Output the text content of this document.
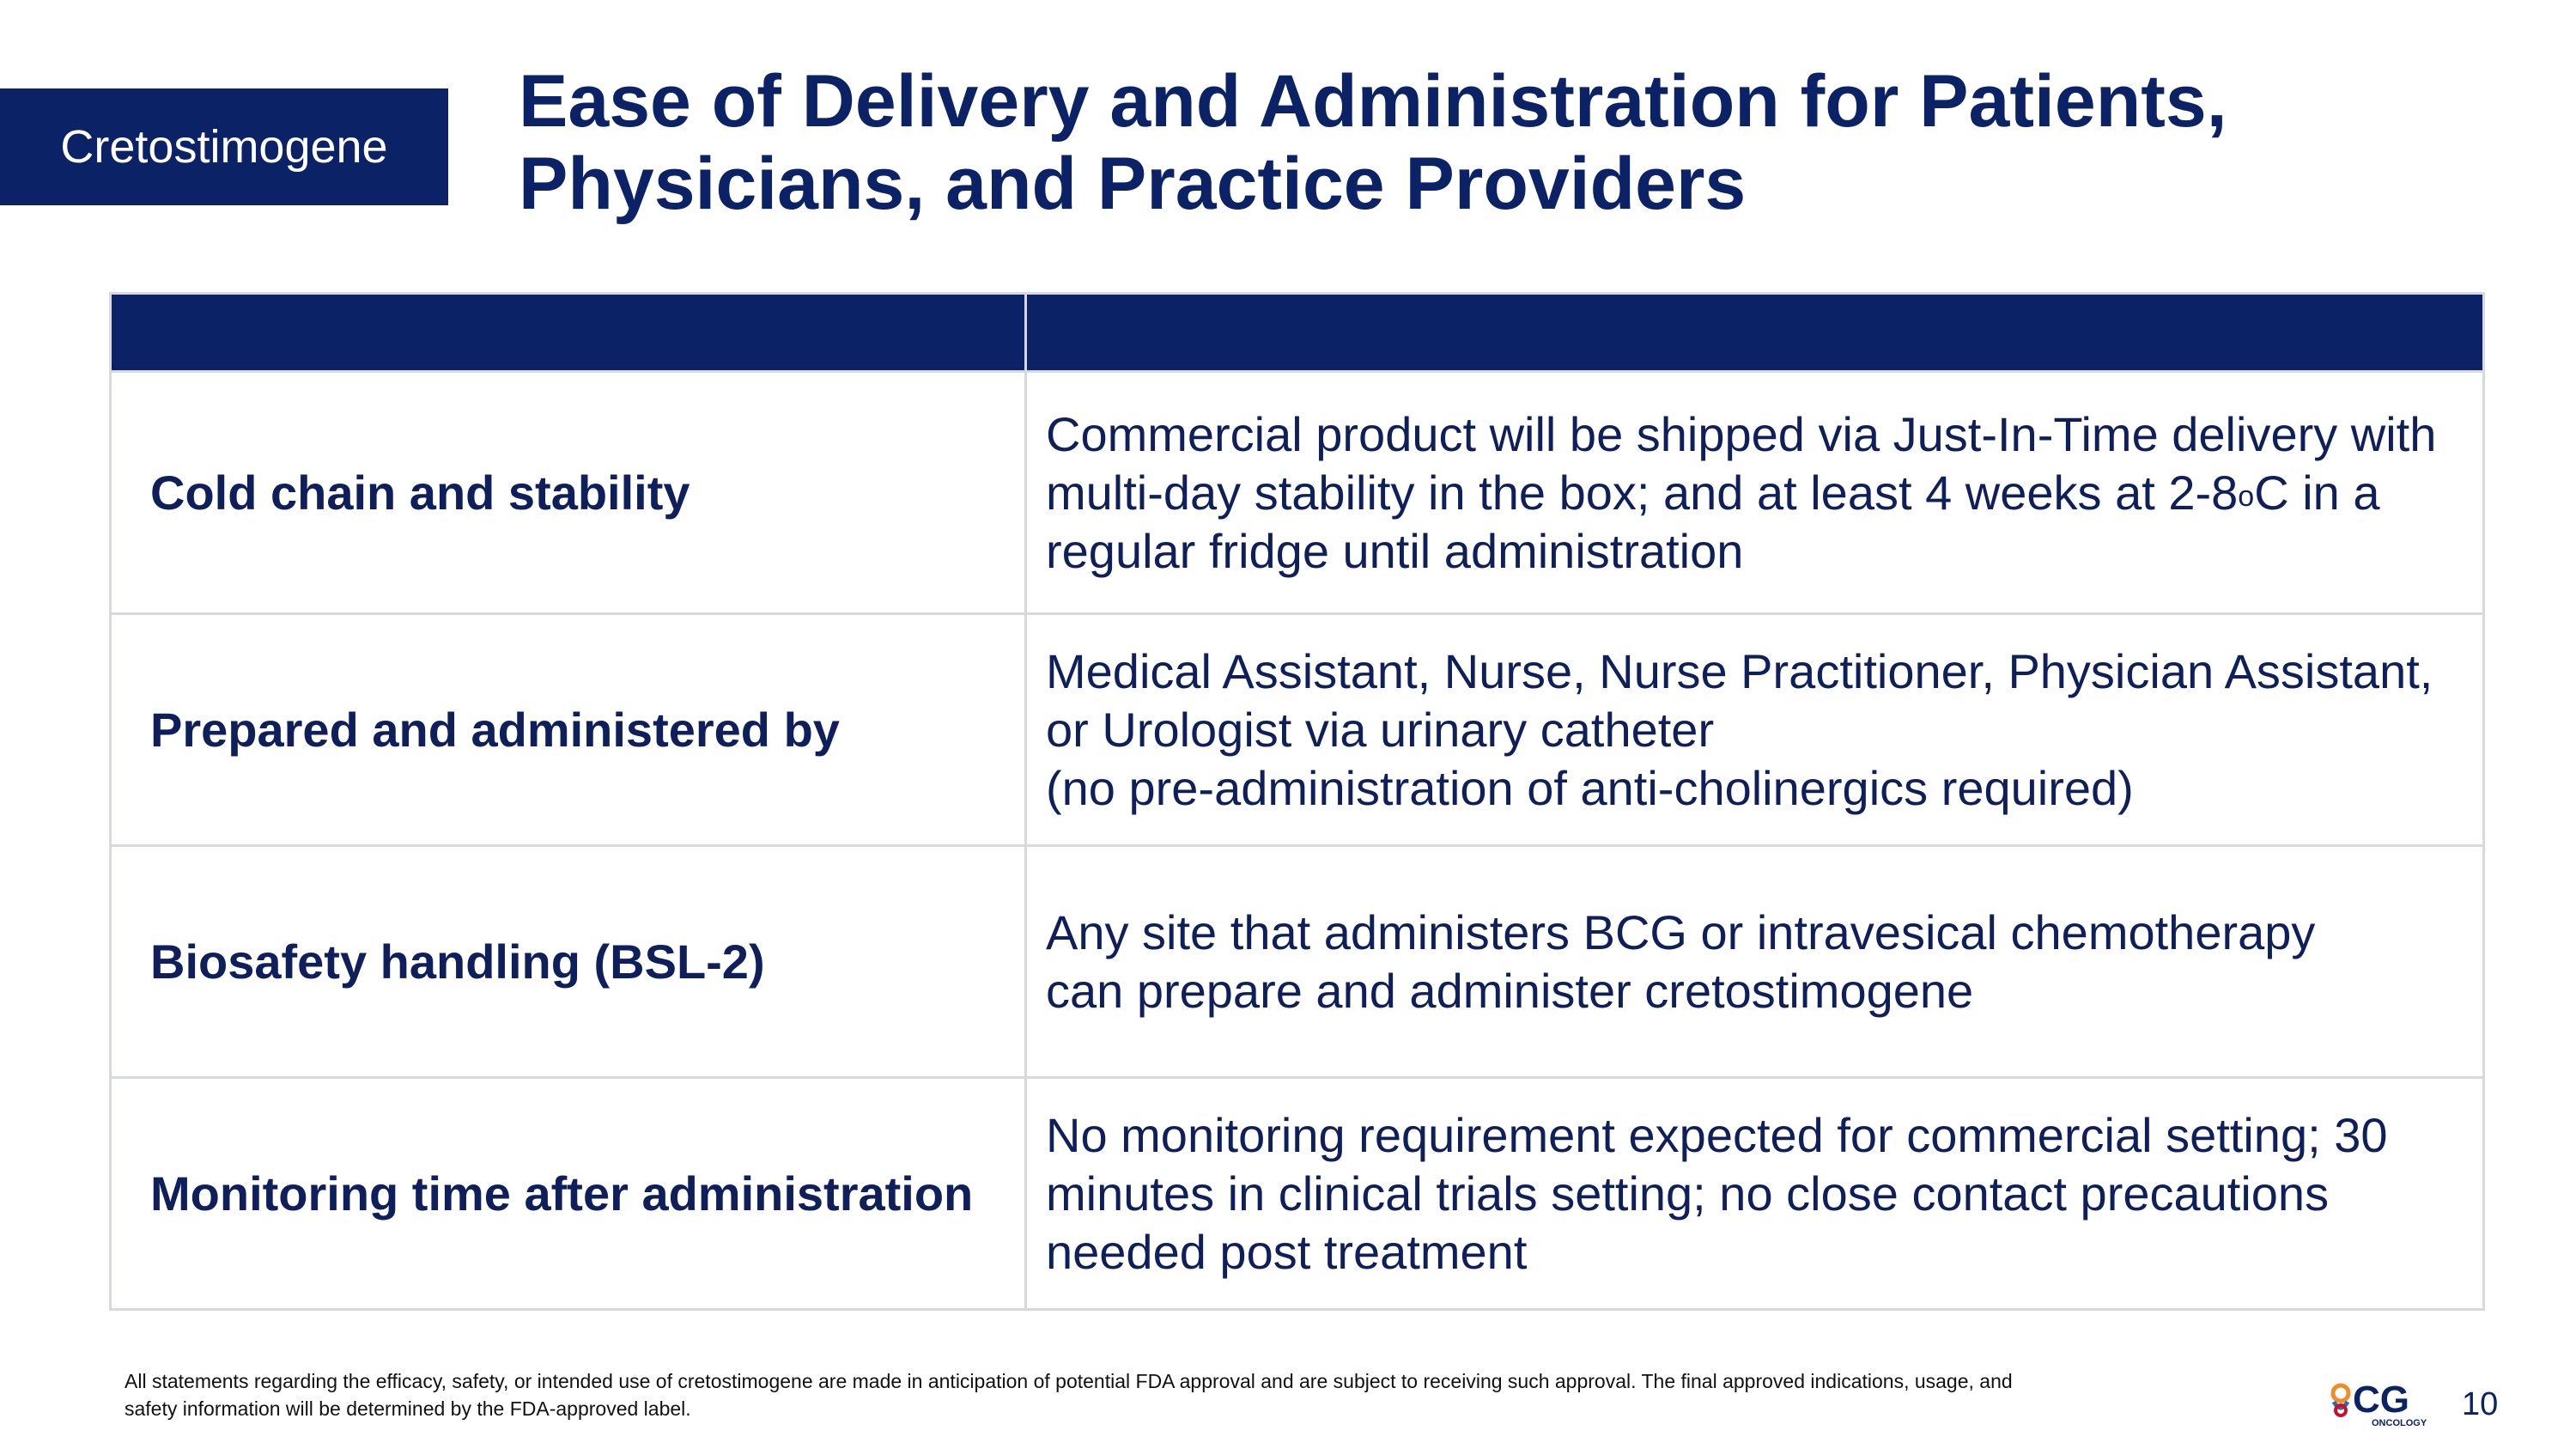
Cretostimogene
Ease of Delivery and Administration for Patients,
Physicians, and Practice Providers

Cold chain and stability	Commercial product will be shipped via Just-In-Time delivery with
multi-day stability in the box; and at least 4 weeks at 2-8$^o$C in a
regular fridge until administration

Prepared and administered by	Medical Assistant, Nurse, Nurse Practitioner, Physician Assistant,
or Urologist via urinary catheter
(no pre-administration of anti-cholinergics required)

Biosafety handling (BSL-2)	Any site that administers BCG or intravesical chemotherapy
can prepare and administer cretostimogene

Monitoring time after administration	No monitoring requirement expected for commercial setting; 30
minutes in clinical trials setting; no close contact precautions
needed post treatment
All statements regarding the efficacy, safety, or intended use of cretostimogene are made in anticipation of potential FDA approval and are subject to receiving such approval. The final approved indications, usage, and
safety information will be determined by the FDA-approved label.	CG
ONCOLOGY
10
